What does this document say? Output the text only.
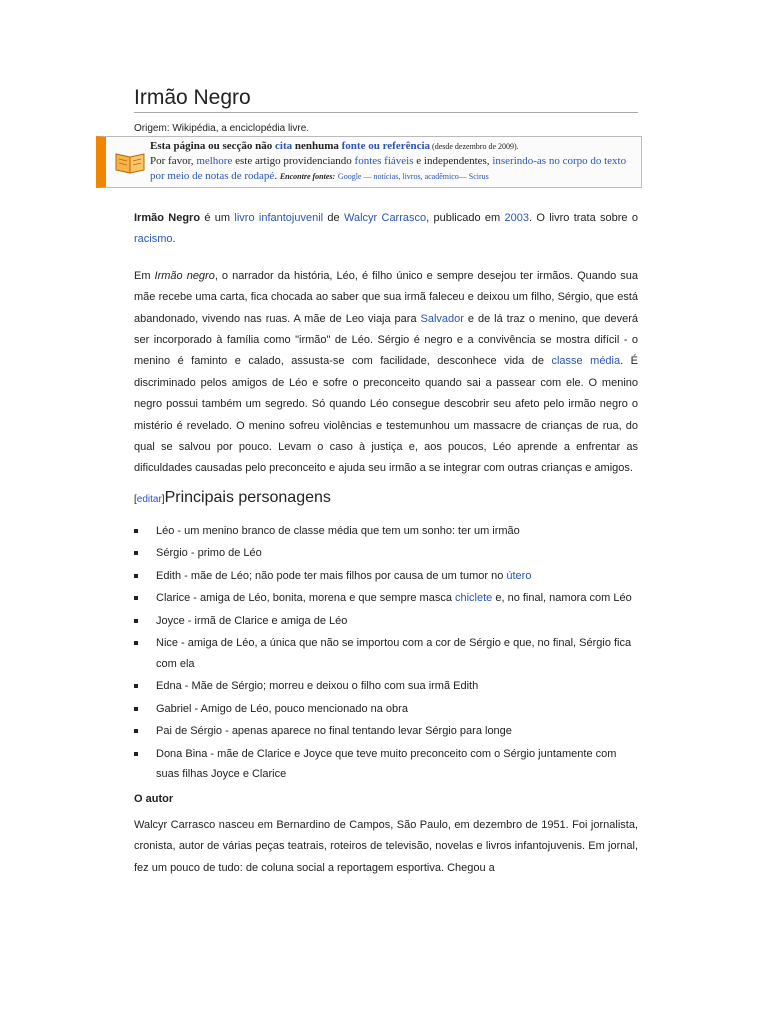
Irmão Negro
Origem: Wikipédia, a enciclopédia livre.
Esta página ou secção não cita nenhuma fonte ou referência (desde dezembro de 2009).
Por favor, melhore este artigo providenciando fontes fiáveis e independentes, inserindo-as no corpo do texto por meio de notas de rodapé. Encontre fontes: Google — notícias, livros, acadêmico— Scirus

Irmão Negro é um livro infantojuvenil de Walcyr Carrasco, publicado em 2003. O livro trata sobre o racismo.

Em Irmão negro, o narrador da história, Léo, é filho único e sempre desejou ter irmãos. Quando sua mãe recebe uma carta, fica chocada ao saber que sua irmã faleceu e deixou um filho, Sérgio, que está abandonado, vivendo nas ruas. A mãe de Leo viaja para Salvador e de lá traz o menino, que deverá ser incorporado à família como "irmão" de Léo. Sérgio é negro e a convivência se mostra difícil - o menino é faminto e calado, assusta-se com facilidade, desconhece vida de classe média. É discriminado pelos amigos de Léo e sofre o preconceito quando sai a passear com ele. O menino negro possui também um segredo. Só quando Léo consegue descobrir seu afeto pelo irmão negro o mistério é revelado. O menino sofreu violências e testemunhou um massacre de crianças de rua, do qual se salvou por pouco. Levam o caso à justiça e, aos poucos, Léo aprende a enfrentar as dificuldades causadas pelo preconceito e ajuda seu irmão a se integrar com outras crianças e amigos.

[editar] Principais personagens
Léo - um menino branco de classe média que tem um sonho: ter um irmão
Sérgio - primo de Léo
Edith - mãe de Léo; não pode ter mais filhos por causa de um tumor no útero
Clarice - amiga de Léo, bonita, morena e que sempre masca chiclete e, no final, namora com Léo
Joyce - irmã de Clarice e amiga de Léo
Nice - amiga de Léo, a única que não se importou com a cor de Sérgio e que, no final, Sérgio fica com ela
Edna - Mãe de Sérgio; morreu e deixou o filho com sua irmã Edith
Gabriel - Amigo de Léo, pouco mencionado na obra
Pai de Sérgio - apenas aparece no final tentando levar Sérgio para longe
Dona Bina - mãe de Clarice e Joyce que teve muito preconceito com o Sérgio juntamente com suas filhas Joyce e Clarice
O autor

Walcyr Carrasco nasceu em Bernardino de Campos, São Paulo, em dezembro de 1951. Foi jornalista, cronista, autor de várias peças teatrais, roteiros de televisão, novelas e livros infantojuvenis. Em jornal, fez um pouco de tudo: de coluna social a reportagem esportiva. Chegou a
